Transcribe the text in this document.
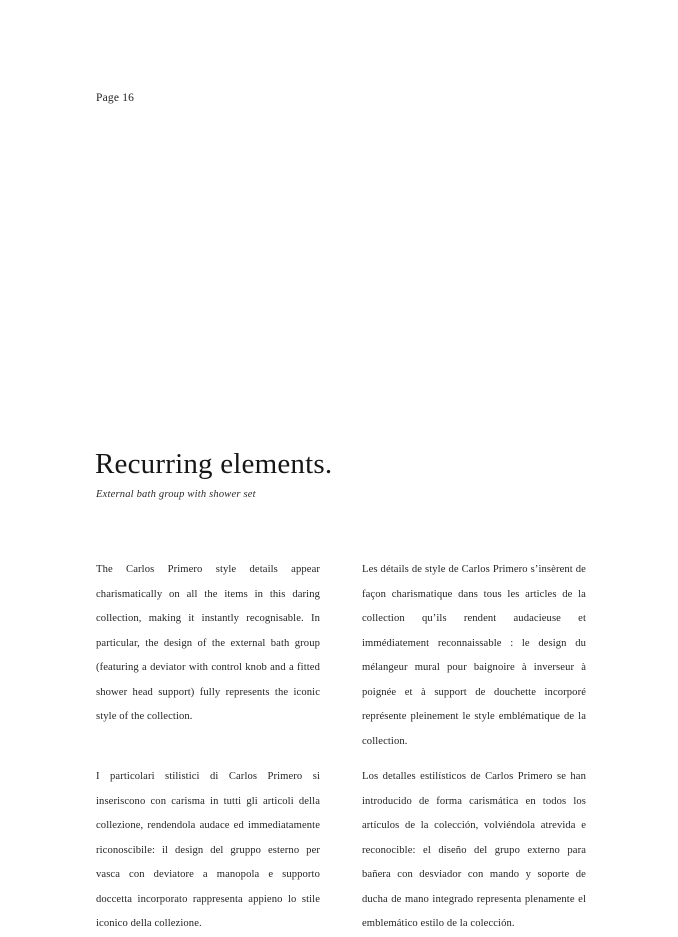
Page 16
Recurring elements.
External bath group with shower set

The Carlos Primero style details appear charismatically on all the items in this daring collection, making it instantly recognisable. In particular, the design of the external bath group (featuring a deviator with control knob and a fitted shower head support) fully represents the iconic style of the collection.

Les détails de style de Carlos Primero s’insèrent de façon charismatique dans tous les articles de la collection qu’ils rendent audacieuse et immédiatement reconnaissable : le design du mélangeur mural pour baignoire à inverseur à poignée et à support de douchette incorporé représente pleinement le style emblématique de la collection.

I particolari stilistici di Carlos Primero si inseriscono con carisma in tutti gli articoli della collezione, rendendola audace ed immediatamente riconoscibile: il design del gruppo esterno per vasca con deviatore a manopola e supporto doccetta incorporato rappresenta appieno lo stile iconico della collezione.

Los detalles estilísticos de Carlos Primero se han introducido de forma carismática en todos los artículos de la colección, volviéndola atrevida e reconocible: el diseño del grupo externo para bañera con desviador con mando y soporte de ducha de mano integrado representa plenamente el emblemático estilo de la colección.
